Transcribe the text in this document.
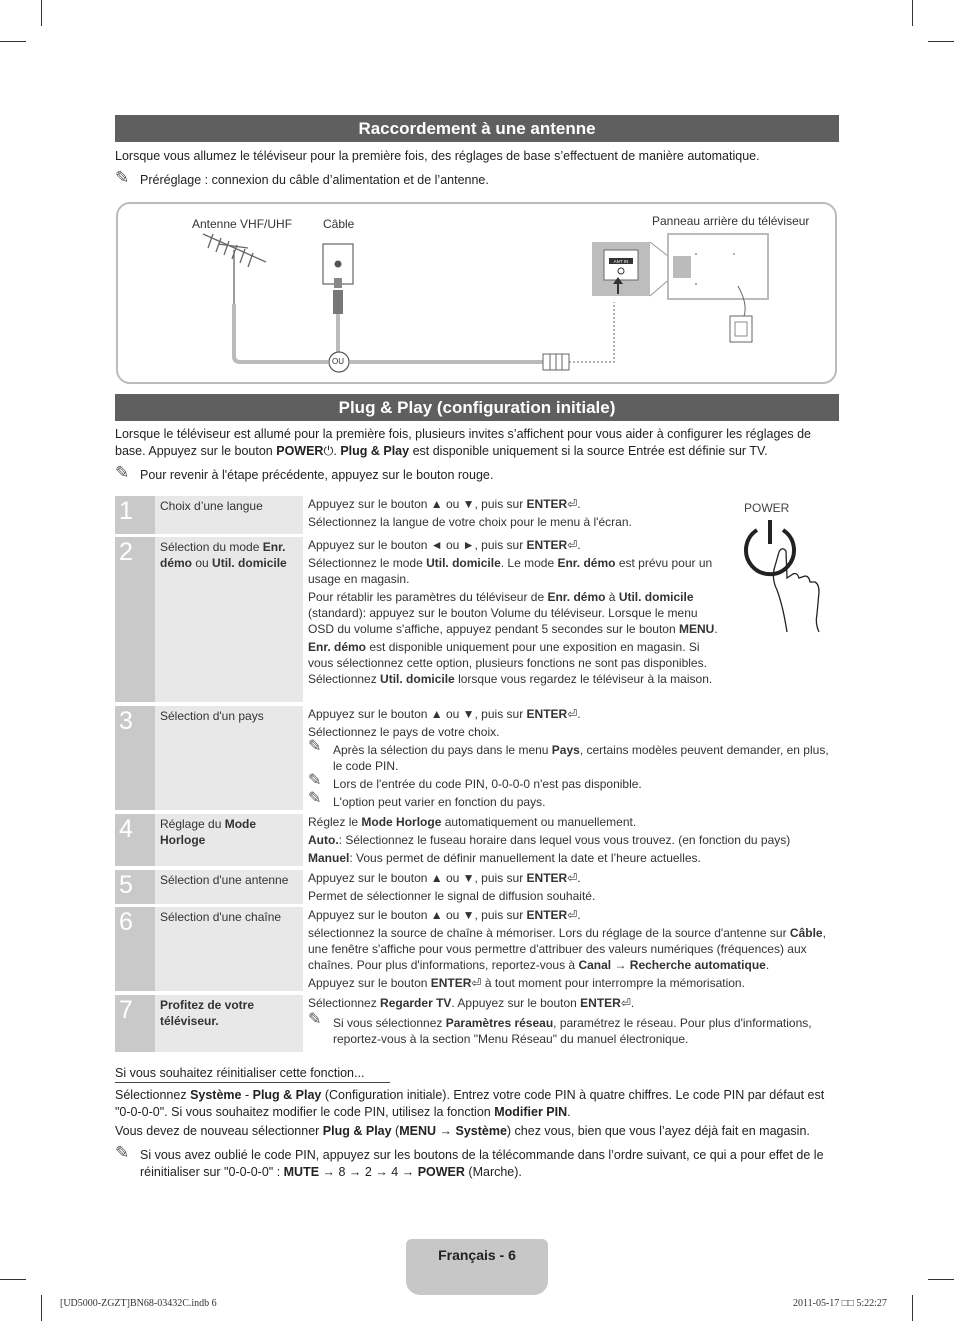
Raccordement à une antenne
Lorsque vous allumez le téléviseur pour la première fois, des réglages de base s’effectuent de manière automatique.
✎ Préréglage : connexion du câble d’alimentation et de l’antenne.
ANT IN
Antenne VHF/UHF	Câble	Panneau arrière du téléviseur
OU
Plug & Play (configuration initiale)
Lorsque le téléviseur est allumé pour la première fois, plusieurs invites s’affichent pour vous aider à configurer les réglages de base. Appuyez sur le bouton POWER⏻. Plug & Play est disponible uniquement si la source Entrée est définie sur TV.
✎ Pour revenir à l'étape précédente, appuyez sur le bouton rouge.
POWER
1	Choix d’une langue	Appuyez sur le bouton ▲ ou ▼, puis sur ENTER⏎.

Sélectionnez la langue de votre choix pour le menu à l'écran.

2	Sélection du mode Enr. démo ou Util. domicile

Appuyez sur le bouton ◄ ou ►, puis sur ENTER⏎.

Sélectionnez le mode Util. domicile. Le mode Enr. démo est prévu pour un usage en magasin.

Pour rétablir les paramètres du téléviseur de Enr. démo à Util. domicile (standard): appuyez sur le bouton Volume du téléviseur. Lorsque le menu OSD du volume s'affiche, appuyez pendant 5 secondes sur le bouton MENU.

Enr. démo est disponible uniquement pour une exposition en magasin. Si vous sélectionnez cette option, plusieurs fonctions ne sont pas disponibles. Sélectionnez Util. domicile lorsque vous regardez le téléviseur à la maison.

3	Sélection d'un pays	Appuyez sur le bouton ▲ ou ▼, puis sur ENTER⏎.

Sélectionnez le pays de votre choix.

✎ Après la sélection du pays dans le menu Pays, certains modèles peuvent demander, en plus, le code PIN.

✎ Lors de l'entrée du code PIN, 0-0-0-0 n'est pas disponible.

✎ L'option peut varier en fonction du pays.

4	Réglage du Mode Horloge

Réglez le Mode Horloge automatiquement ou manuellement.

Auto.: Sélectionnez le fuseau horaire dans lequel vous vous trouvez. (en fonction du pays)

Manuel: Vous permet de définir manuellement la date et l’heure actuelles.

5	Sélection d'une antenne	Appuyez sur le bouton ▲ ou ▼, puis sur ENTER⏎.

Permet de sélectionner le signal de diffusion souhaité.

6	Sélection d'une chaîne	Appuyez sur le bouton ▲ ou ▼, puis sur ENTER⏎.

sélectionnez la source de chaîne à mémoriser. Lors du réglage de la source d'antenne sur Câble, une fenêtre s'affiche pour vous permettre d'attribuer des valeurs numériques (fréquences) aux chaînes. Pour plus d'informations, reportez-vous à Canal → Recherche automatique.

Appuyez sur le bouton ENTER⏎ à tout moment pour interrompre la mémorisation.

7	Profitez de votre téléviseur.

Sélectionnez Regarder TV. Appuyez sur le bouton ENTER⏎.

✎ Si vous sélectionnez Paramètres réseau, paramétrez le réseau. Pour plus d'informations, reportez-vous à la section "Menu Réseau" du manuel électronique.

Si vous souhaitez réinitialiser cette fonction...
Sélectionnez Système - Plug & Play (Configuration initiale). Entrez votre code PIN à quatre chiffres. Le code PIN par défaut est "0-0-0-0". Si vous souhaitez modifier le code PIN, utilisez la fonction Modifier PIN.
Vous devez de nouveau sélectionner Plug & Play (MENU → Système) chez vous, bien que vous l’ayez déjà fait en magasin.
✎ Si vous avez oublié le code PIN, appuyez sur les boutons de la télécommande dans l’ordre suivant, ce qui a pour effet de le réinitialiser sur "0-0-0-0" : MUTE → 8 → 2 → 4 → POWER (Marche).
Français - 6
[UD5000-ZGZT]BN68-03432C.indb 6	2011-05-17 □□ 5:22:27
